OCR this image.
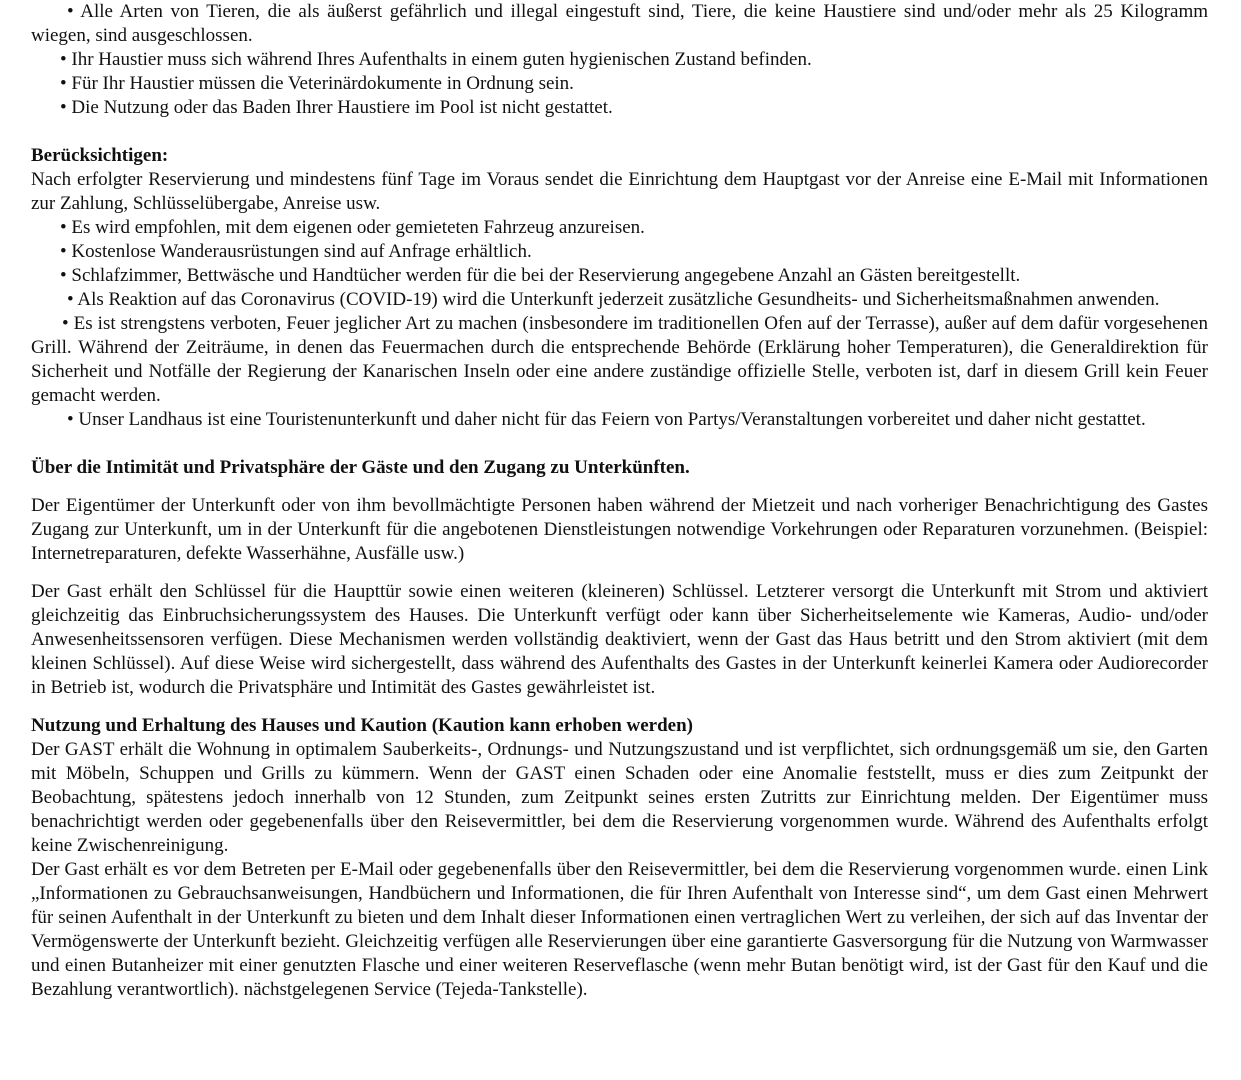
• Alle Arten von Tieren, die als äußerst gefährlich und illegal eingestuft sind, Tiere, die keine Haustiere sind und/oder mehr als 25 Kilogramm wiegen, sind ausgeschlossen.

• Ihr Haustier muss sich während Ihres Aufenthalts in einem guten hygienischen Zustand befinden.

• Für Ihr Haustier müssen die Veterinärdokumente in Ordnung sein.

• Die Nutzung oder das Baden Ihrer Haustiere im Pool ist nicht gestattet.

Berücksichtigen:

Nach erfolgter Reservierung und mindestens fünf Tage im Voraus sendet die Einrichtung dem Hauptgast vor der Anreise eine E-Mail mit Informationen zur Zahlung, Schlüsselübergabe, Anreise usw.

• Es wird empfohlen, mit dem eigenen oder gemieteten Fahrzeug anzureisen.

• Kostenlose Wanderausrüstungen sind auf Anfrage erhältlich.

• Schlafzimmer, Bettwäsche und Handtücher werden für die bei der Reservierung angegebene Anzahl an Gästen bereitgestellt.

• Als Reaktion auf das Coronavirus (COVID-19) wird die Unterkunft jederzeit zusätzliche Gesundheits- und Sicherheitsmaßnahmen anwenden.

• Es ist strengstens verboten, Feuer jeglicher Art zu machen (insbesondere im traditionellen Ofen auf der Terrasse), außer auf dem dafür vorgesehenen Grill. Während der Zeiträume, in denen das Feuermachen durch die entsprechende Behörde (Erklärung hoher Temperaturen), die Generaldirektion für Sicherheit und Notfälle der Regierung der Kanarischen Inseln oder eine andere zuständige offizielle Stelle, verboten ist, darf in diesem Grill kein Feuer gemacht werden.

• Unser Landhaus ist eine Touristenunterkunft und daher nicht für das Feiern von Partys/Veranstaltungen vorbereitet und daher nicht gestattet.

Über die Intimität und Privatsphäre der Gäste und den Zugang zu Unterkünften.

Der Eigentümer der Unterkunft oder von ihm bevollmächtigte Personen haben während der Mietzeit und nach vorheriger Benachrichtigung des Gastes Zugang zur Unterkunft, um in der Unterkunft für die angebotenen Dienstleistungen notwendige Vorkehrungen oder Reparaturen vorzunehmen. (Beispiel: Internetreparaturen, defekte Wasserhähne, Ausfälle usw.)

Der Gast erhält den Schlüssel für die Haupttür sowie einen weiteren (kleineren) Schlüssel. Letzterer versorgt die Unterkunft mit Strom und aktiviert gleichzeitig das Einbruchsicherungssystem des Hauses. Die Unterkunft verfügt oder kann über Sicherheitselemente wie Kameras, Audio- und/oder Anwesenheitssensoren verfügen. Diese Mechanismen werden vollständig deaktiviert, wenn der Gast das Haus betritt und den Strom aktiviert (mit dem kleinen Schlüssel). Auf diese Weise wird sichergestellt, dass während des Aufenthalts des Gastes in der Unterkunft keinerlei Kamera oder Audiorecorder in Betrieb ist, wodurch die Privatsphäre und Intimität des Gastes gewährleistet ist.

Nutzung und Erhaltung des Hauses und Kaution (Kaution kann erhoben werden)

Der GAST erhält die Wohnung in optimalem Sauberkeits-, Ordnungs- und Nutzungszustand und ist verpflichtet, sich ordnungsgemäß um sie, den Garten mit Möbeln, Schuppen und Grills zu kümmern. Wenn der GAST einen Schaden oder eine Anomalie feststellt, muss er dies zum Zeitpunkt der Beobachtung, spätestens jedoch innerhalb von 12 Stunden, zum Zeitpunkt seines ersten Zutritts zur Einrichtung melden. Der Eigentümer muss benachrichtigt werden oder gegebenenfalls über den Reisevermittler, bei dem die Reservierung vorgenommen wurde. Während des Aufenthalts erfolgt keine Zwischenreinigung.

Der Gast erhält es vor dem Betreten per E-Mail oder gegebenenfalls über den Reisevermittler, bei dem die Reservierung vorgenommen wurde. einen Link „Informationen zu Gebrauchsanweisungen, Handbüchern und Informationen, die für Ihren Aufenthalt von Interesse sind“, um dem Gast einen Mehrwert für seinen Aufenthalt in der Unterkunft zu bieten und dem Inhalt dieser Informationen einen vertraglichen Wert zu verleihen, der sich auf das Inventar der Vermögenswerte der Unterkunft bezieht. Gleichzeitig verfügen alle Reservierungen über eine garantierte Gasversorgung für die Nutzung von Warmwasser und einen Butanheizer mit einer genutzten Flasche und einer weiteren Reserveflasche (wenn mehr Butan benötigt wird, ist der Gast für den Kauf und die Bezahlung verantwortlich). nächstgelegenen Service (Tejeda-Tankstelle).
